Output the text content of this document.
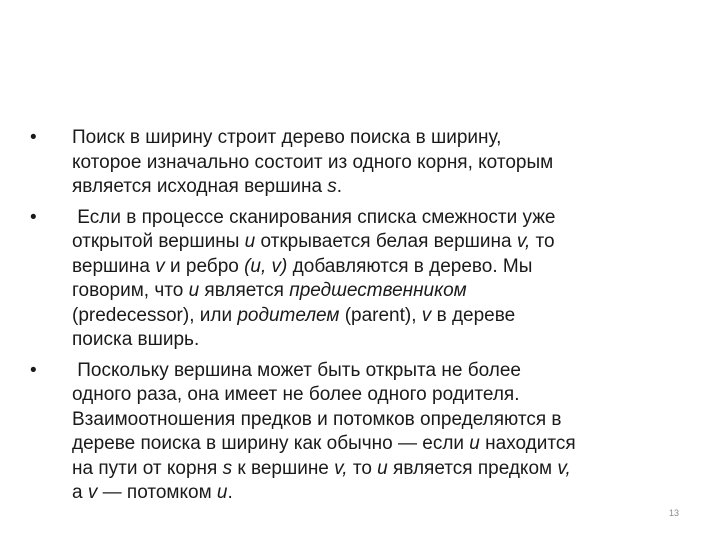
•	Поиск в ширину строит дерево поиска в ширину,
которое изначально состоит из одного корня, которым
является исходная вершина s.
•	Если в процессе сканирования списка смежности уже
открытой вершины u открывается белая вершина v, то
вершина v и ребро (u, v) добавляются в дерево. Мы
говорим, что u является предшественником
(predecessor), или родителем (parent), v в дереве
поиска вширь.
•	Поскольку вершина может быть открыта не более
одного раза, она имеет не более одного родителя.
Взаимоотношения предков и потомков определяются в
дереве поиска в ширину как обычно — если u находится
на пути от корня s к вершине v, то u является предком v,
а v — потомком u.
13
